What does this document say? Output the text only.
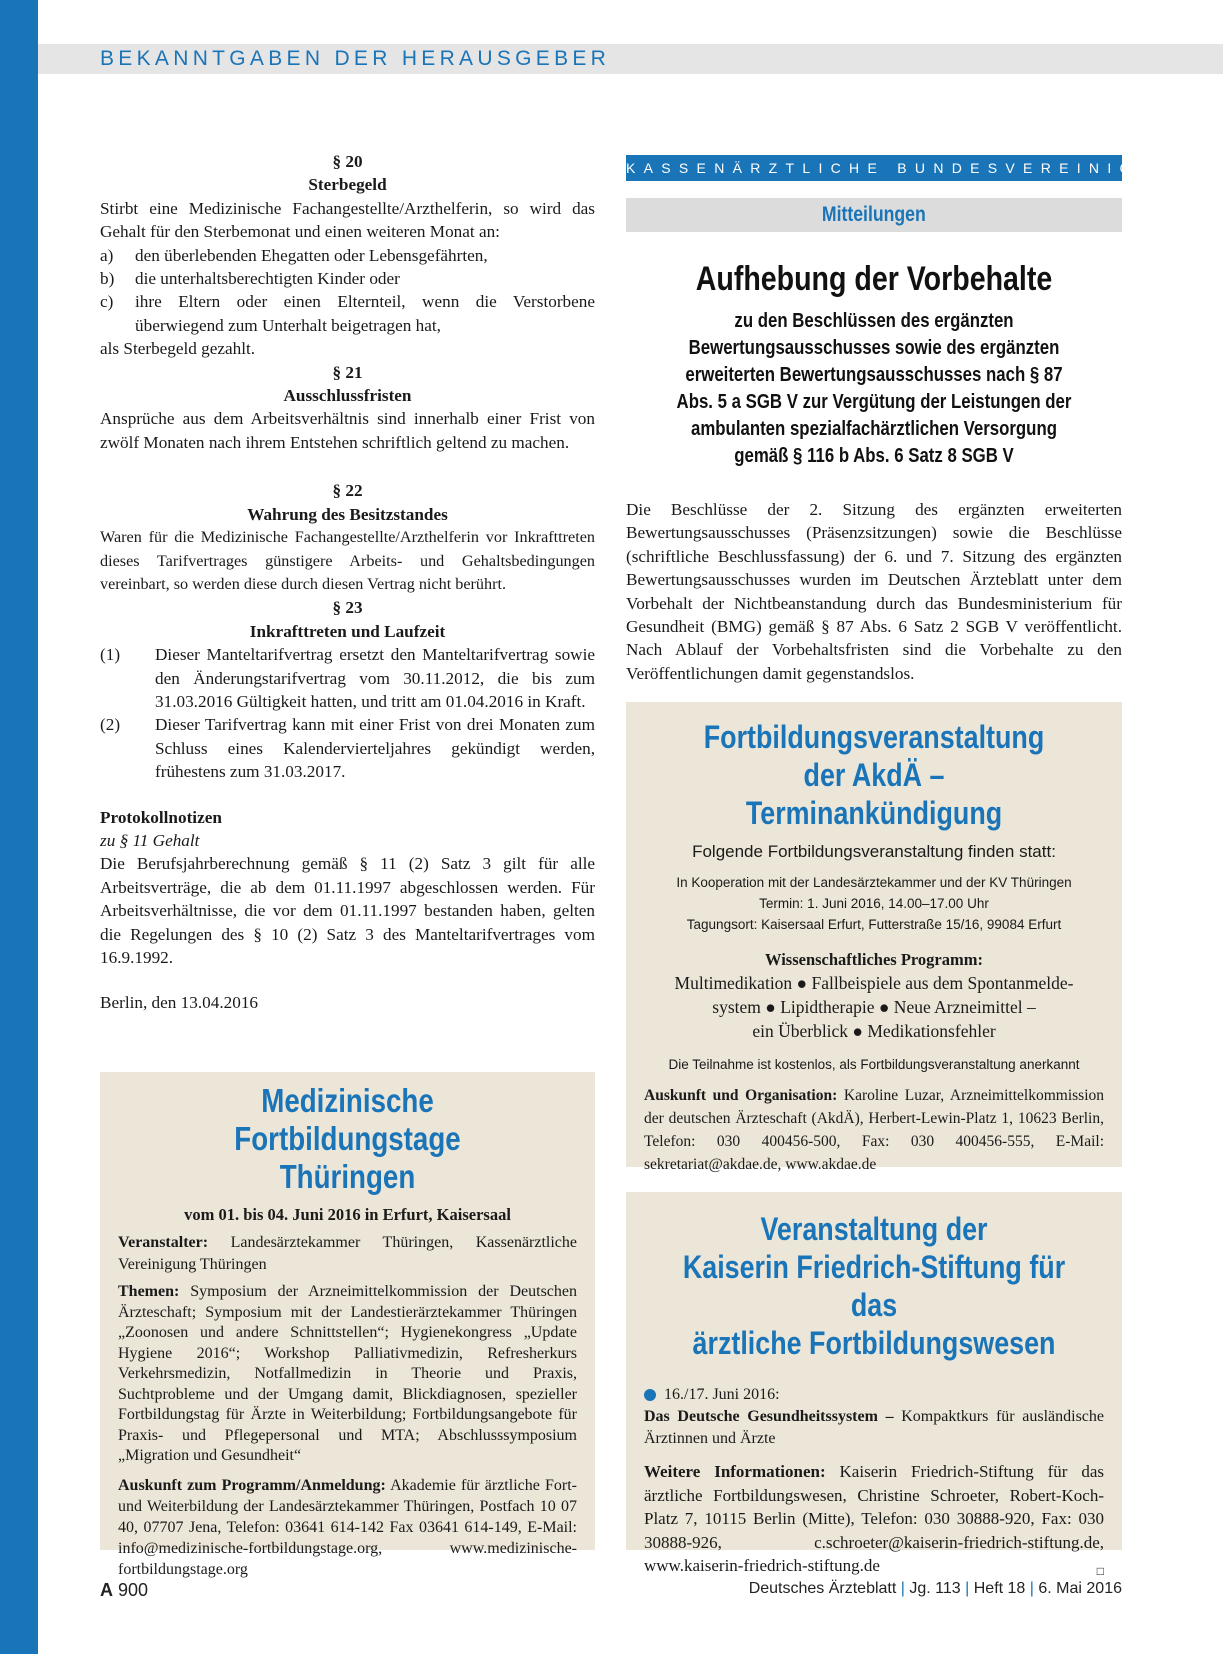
BEKANNTGABEN DER HERAUSGEBER
§ 20
Sterbegeld
Stirbt eine Medizinische Fachangestellte/Arzthelferin, so wird das Gehalt für den Sterbemonat und einen weiteren Monat an:
a)	den überlebenden Ehegatten oder Lebensgefährten,
b)	die unterhaltsberechtigten Kinder oder
c)	ihre Eltern oder einen Elternteil, wenn die Verstorbene überwiegend zum Unterhalt beigetragen hat,
als Sterbegeld gezahlt.
§ 21
Ausschlussfristen
Ansprüche aus dem Arbeitsverhältnis sind innerhalb einer Frist von zwölf Monaten nach ihrem Entstehen schriftlich geltend zu machen.
§ 22
Wahrung des Besitzstandes
Waren für die Medizinische Fachangestellte/Arzthelferin vor Inkrafttreten dieses Tarifvertrages günstigere Arbeits- und Gehaltsbedingungen vereinbart, so werden diese durch diesen Vertrag nicht berührt.
§ 23
Inkrafttreten und Laufzeit
(1)	Dieser Manteltarifvertrag ersetzt den Manteltarifvertrag sowie den Änderungstarifvertrag vom 30.11.2012, die bis zum 31.03.2016 Gültigkeit hatten, und tritt am 01.04.2016 in Kraft.
(2)	Dieser Tarifvertrag kann mit einer Frist von drei Monaten zum Schluss eines Kalendervierteljahres gekündigt werden, frühestens zum 31.03.2017.
Protokollnotizen
zu § 11 Gehalt
Die Berufsjahrberechnung gemäß § 11 (2) Satz 3 gilt für alle Arbeitsverträge, die ab dem 01.11.1997 abgeschlossen werden. Für Arbeitsverhältnisse, die vor dem 01.11.1997 bestanden haben, gelten die Regelungen des § 10 (2) Satz 3 des Manteltarifvertrages vom 16.9.1992.
Berlin, den 13.04.2016
Medizinische Fortbildungstage
Thüringen
vom 01. bis 04. Juni 2016 in Erfurt, Kaisersaal
Veranstalter: Landesärztekammer Thüringen, Kassenärztliche Vereinigung Thüringen
Themen: Symposium der Arzneimittelkommission der Deutschen Ärzteschaft; Symposium mit der Landestierärztekammer Thüringen „Zoonosen und andere Schnittstellen“; Hygienekongress „Update Hygiene 2016“; Workshop Palliativmedizin, Refresherkurs Verkehrsmedizin, Notfallmedizin in Theorie und Praxis, Suchtprobleme und der Umgang damit, Blickdiagnosen, spezieller Fortbildungstag für Ärzte in Weiterbildung; Fortbildungsangebote für Praxis- und Pflegepersonal und MTA; Abschlusssymposium „Migration und Gesundheit“
Auskunft zum Programm/Anmeldung: Akademie für ärztliche Fort- und Weiterbildung der Landesärztekammer Thüringen, Postfach 10 07 40, 07707 Jena, Telefon: 03641 614-142 Fax 03641 614-149, E-Mail: info@medizinische-fortbildungstage.org, www.medizinische-fortbildungstage.org
KASSENÄRZTLICHE BUNDESVEREINIGUNG
Mitteilungen
Aufhebung der Vorbehalte
zu den Beschlüssen des ergänzten Bewertungsausschusses sowie des ergänzten erweiterten Bewertungsausschusses nach § 87 Abs. 5 a SGB V zur Vergütung der Leistungen der ambulanten spezialfachärztlichen Versorgung gemäß § 116 b Abs. 6 Satz 8 SGB V
Die Beschlüsse der 2. Sitzung des ergänzten erweiterten Bewertungsausschusses (Präsenzsitzungen) sowie die Beschlüsse (schriftliche Beschlussfassung) der 6. und 7. Sitzung des ergänzten Bewertungsausschusses wurden im Deutschen Ärzteblatt unter dem Vorbehalt der Nichtbeanstandung durch das Bundesministerium für Gesundheit (BMG) gemäß § 87 Abs. 6 Satz 2 SGB V veröffentlicht. Nach Ablauf der Vorbehaltsfristen sind die Vorbehalte zu den Veröffentlichungen damit gegenstandslos.
Fortbildungsveranstaltung
der AkdÄ – Terminankündigung
Folgende Fortbildungsveranstaltung finden statt:
In Kooperation mit der Landesärztekammer und der KV Thüringen
Termin: 1. Juni 2016, 14.00–17.00 Uhr
Tagungsort: Kaisersaal Erfurt, Futterstraße 15/16, 99084 Erfurt
Wissenschaftliches Programm:
Multimedikation ● Fallbeispiele aus dem Spontanmelde-
system ● Lipidtherapie ● Neue Arzneimittel –
ein Überblick ● Medikationsfehler
Die Teilnahme ist kostenlos, als Fortbildungsveranstaltung anerkannt
Auskunft und Organisation: Karoline Luzar, Arzneimittelkommission der deutschen Ärzteschaft (AkdÄ), Herbert-Lewin-Platz 1, 10623 Berlin, Telefon: 030 400456-500, Fax: 030 400456-555, E-Mail: sekretariat@akdae.de, www.akdae.de
Veranstaltung der
Kaiserin Friedrich-Stiftung für das
ärztliche Fortbildungswesen
16./17. Juni 2016:
Das Deutsche Gesundheitssystem – Kompaktkurs für ausländische Ärztinnen und Ärzte
Weitere Informationen: Kaiserin Friedrich-Stiftung für das ärztliche Fortbildungswesen, Christine Schroeter, Robert-Koch-Platz 7, 10115 Berlin (Mitte), Telefon: 030 30888-920, Fax: 030 30888-926, c.schroeter@kaiserin-friedrich-stiftung.de, www.kaiserin-friedrich-stiftung.de	□
A 900	Deutsches Ärzteblatt | Jg. 113 | Heft 18 | 6. Mai 2016
